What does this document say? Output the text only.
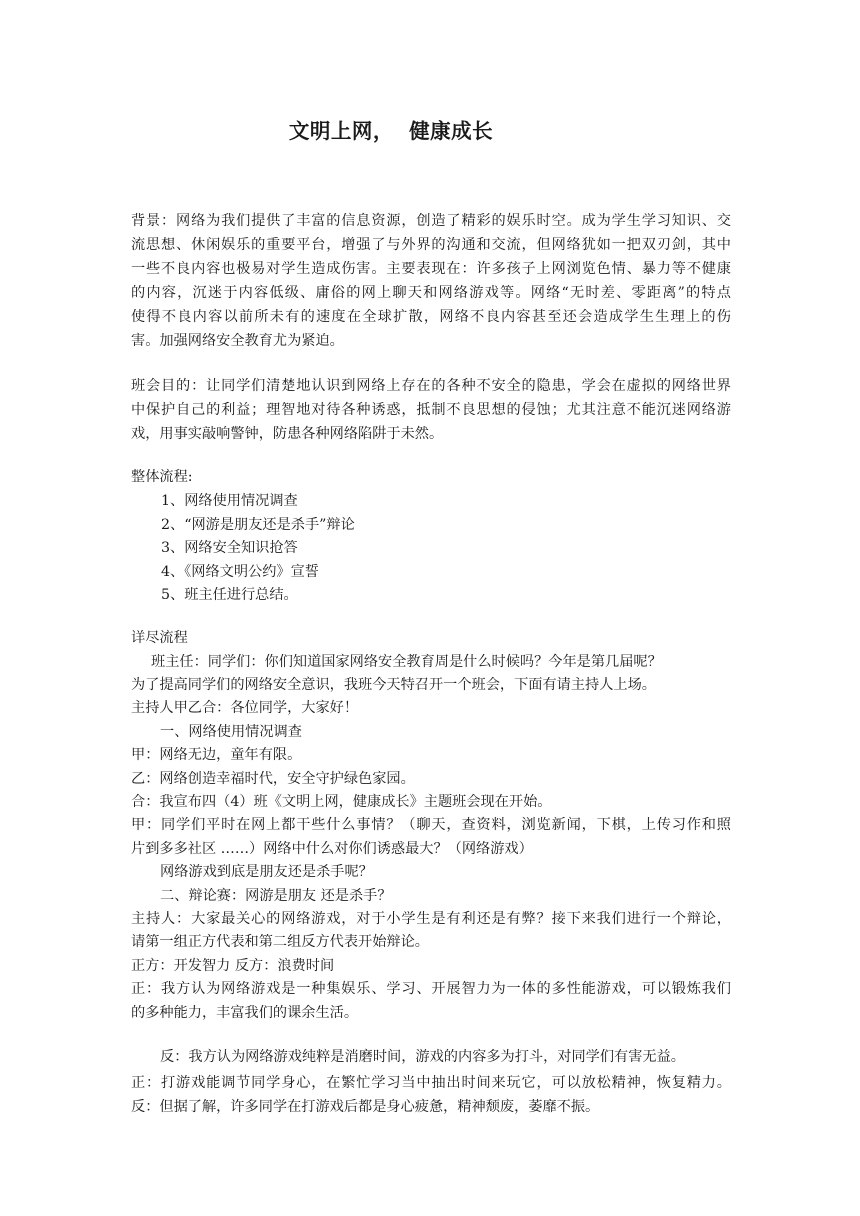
文明上网，  健康成长
背景：网络为我们提供了丰富的信息资源，创造了精彩的娱乐时空。成为学生学习知识、交
流思想、休闲娱乐的重要平台，增强了与外界的沟通和交流，但网络犹如一把双刃剑，其中
一些不良内容也极易对学生造成伤害。主要表现在：许多孩子上网浏览色情、暴力等不健康
的内容，沉迷于内容低级、庸俗的网上聊天和网络游戏等。网络“无时差、零距离”的特点
使得不良内容以前所未有的速度在全球扩散，网络不良内容甚至还会造成学生生理上的伤
害。加强网络安全教育尤为紧迫。
班会目的：让同学们清楚地认识到网络上存在的各种不安全的隐患，学会在虚拟的网络世界
中保护自己的利益；理智地对待各种诱惑，抵制不良思想的侵蚀；尤其注意不能沉迷网络游
戏，用事实敲响警钟，防患各种网络陷阱于未然。
整体流程:
1、网络使用情况调查
2、“网游是朋友还是杀手”辩论
3、网络安全知识抢答
4、《网络文明公约》宣誓
5、班主任进行总结。
详尽流程
班主任：同学们：你们知道国家网络安全教育周是什么时候吗？今年是第几届呢？
为了提高同学们的网络安全意识，我班今天特召开一个班会，下面有请主持人上场。
主持人甲乙合：各位同学，大家好！
一、网络使用情况调查
甲：网络无边，童年有限。
乙：网络创造幸福时代，安全守护绿色家园。
合：我宣布四（4）班《文明上网，健康成长》主题班会现在开始。
甲：同学们平时在网上都干些什么事情？（聊天，查资料，浏览新闻，下棋，上传习作和照
片到多多社区 ……）网络中什么对你们诱惑最大？（网络游戏）
网络游戏到底是朋友还是杀手呢？
二、辩论赛：网游是朋友 还是杀手？
主持人：大家最关心的网络游戏，对于小学生是有利还是有弊？接下来我们进行一个辩论，
请第一组正方代表和第二组反方代表开始辩论。
正方：开发智力 反方：浪费时间
正：我方认为网络游戏是一种集娱乐、学习、开展智力为一体的多性能游戏，可以锻炼我们
的多种能力，丰富我们的课余生活。
反：我方认为网络游戏纯粹是消磨时间，游戏的内容多为打斗，对同学们有害无益。
正：打游戏能调节同学身心，在繁忙学习当中抽出时间来玩它，可以放松精神，恢复精力。
反：但据了解，许多同学在打游戏后都是身心疲惫，精神颓废，萎靡不振。
